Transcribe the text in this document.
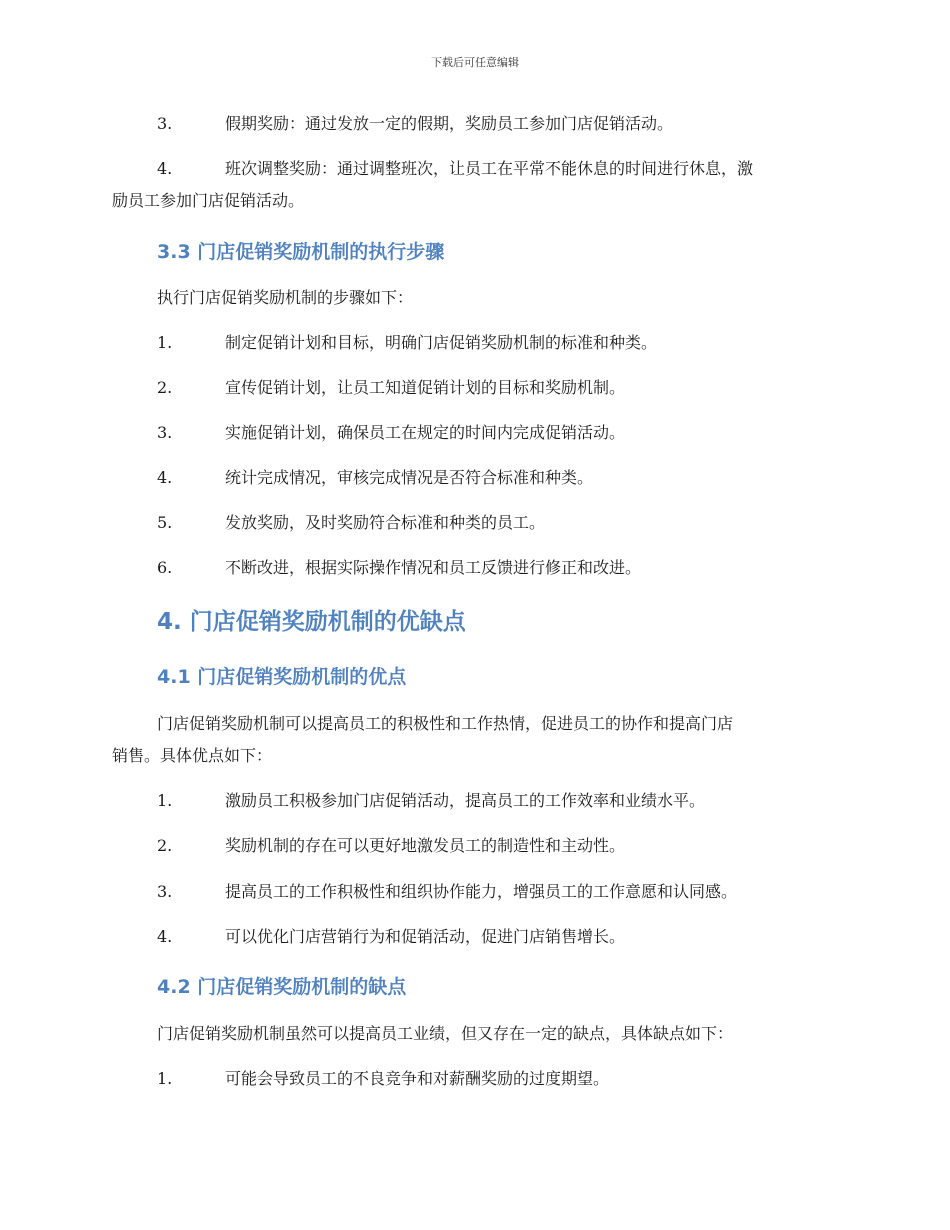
下载后可任意编辑
3.	假期奖励：通过发放一定的假期，奖励员工参加门店促销活动。
4.	班次调整奖励：通过调整班次，让员工在平常不能休息的时间进行休息，激
励员工参加门店促销活动。
3.3 门店促销奖励机制的执行步骤
执行门店促销奖励机制的步骤如下：
1.	制定促销计划和目标，明确门店促销奖励机制的标准和种类。
2.	宣传促销计划，让员工知道促销计划的目标和奖励机制。
3.	实施促销计划，确保员工在规定的时间内完成促销活动。
4.	统计完成情况，审核完成情况是否符合标准和种类。
5.	发放奖励，及时奖励符合标准和种类的员工。
6.	不断改进，根据实际操作情况和员工反馈进行修正和改进。
4. 门店促销奖励机制的优缺点
4.1 门店促销奖励机制的优点
门店促销奖励机制可以提高员工的积极性和工作热情，促进员工的协作和提高门店
销售。具体优点如下：
1.	激励员工积极参加门店促销活动，提高员工的工作效率和业绩水平。
2.	奖励机制的存在可以更好地激发员工的制造性和主动性。
3.	提高员工的工作积极性和组织协作能力，增强员工的工作意愿和认同感。
4.	可以优化门店营销行为和促销活动，促进门店销售增长。
4.2 门店促销奖励机制的缺点
门店促销奖励机制虽然可以提高员工业绩，但又存在一定的缺点，具体缺点如下：
1.	可能会导致员工的不良竞争和对薪酬奖励的过度期望。
